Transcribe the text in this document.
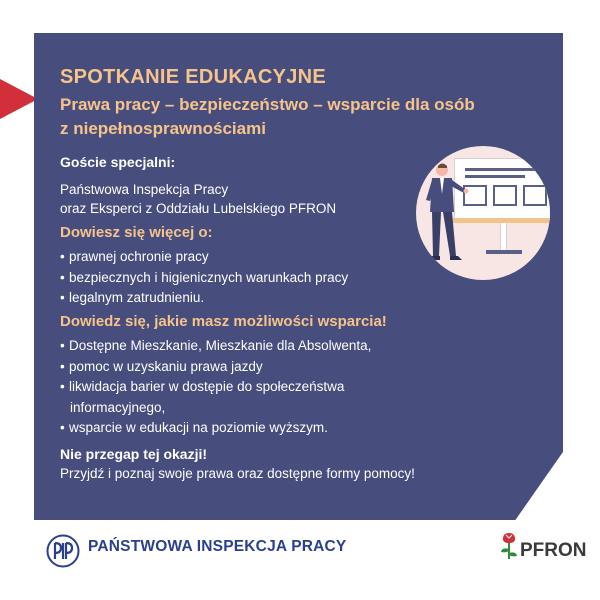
SPOTKANIE EDUKACYJNE
Prawa pracy – bezpieczeństwo – wsparcie dla osób z niepełnosprawnościami
Goście specjalni:
Państwowa Inspekcja Pracy
oraz Eksperci z Oddziału Lubelskiego PFRON
Dowiesz się więcej o:
• prawnej ochronie pracy
• bezpiecznych i higienicznych warunkach pracy
• legalnym zatrudnieniu.
Dowiedz się, jakie masz możliwości wsparcia!
• Dostępne Mieszkanie, Mieszkanie dla Absolwenta,
• pomoc w uzyskaniu prawa jazdy
• likwidacja barier w dostępie do społeczeństwa
informacyjnego,
• wsparcie w edukacji na poziomie wyższym.
Nie przegap tej okazji!
Przyjdź i poznaj swoje prawa oraz dostępne formy pomocy!
PAŃSTWOWA INSPEKCJA PRACY	PFRON
